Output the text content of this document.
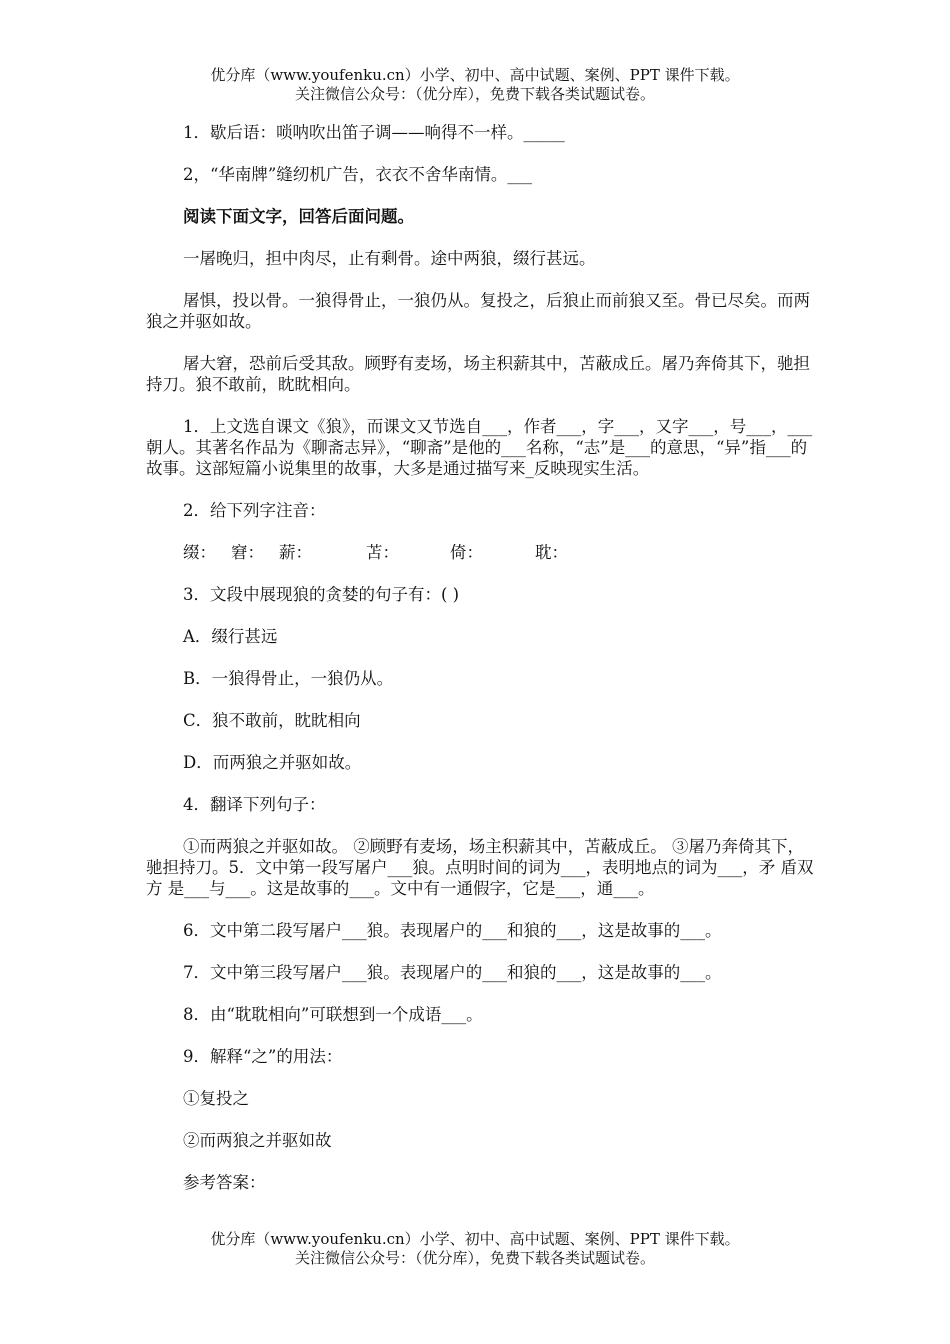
优分库（www.youfenku.cn）小学、初中、高中试题、案例、PPT 课件下载。
关注微信公众号：（优分库），免费下载各类试题试卷。

1．歇后语：唢呐吹出笛子调——响得不一样。_____

2，“华南牌”缝纫机广告，衣衣不舍华南情。___

阅读下面文字，回答后面问题。

一屠晚归，担中肉尽，止有剩骨。途中两狼，缀行甚远。

屠惧，投以骨。一狼得骨止，一狼仍从。复投之，后狼止而前狼又至。骨已尽矣。而两狼之并驱如故。

屠大窘，恐前后受其敌。顾野有麦场，场主积薪其中，苫蔽成丘。屠乃奔倚其下，驰担持刀。狼不敢前，眈眈相向。

1．上文选自课文《狼》，而课文又节选自___，作者___，字___，又字___，号___，___朝人。其著名作品为《聊斋志异》，“聊斋”是他的___名称，“志”是___的意思，“异”指___的故事。这部短篇小说集里的故事，大多是通过描写来_反映现实生活。

2．给下列字注音：

缀： 窘： 薪：	苫：	倚：	耽：

3．文段中展现狼的贪婪的句子有：( )

A．缀行甚远

B．一狼得骨止，一狼仍从。

C．狼不敢前，眈眈相向

D．而两狼之并驱如故。

4．翻译下列句子：

①而两狼之并驱如故。 ②顾野有麦场，场主积薪其中，苫蔽成丘。 ③屠乃奔倚其下，驰担持刀。5．文中第一段写屠户___狼。点明时间的词为___，表明地点的词为___，矛 盾双方 是___与___。这是故事的___。文中有一通假字，它是___，通___。

6．文中第二段写屠户___狼。表现屠户的___和狼的___，这是故事的___。

7．文中第三段写屠户___狼。表现屠户的___和狼的___，这是故事的___。

8．由“耽耽相向”可联想到一个成语___。

9．解释“之”的用法：

①复投之

②而两狼之并驱如故

参考答案：

优分库（www.youfenku.cn）小学、初中、高中试题、案例、PPT 课件下载。
关注微信公众号：（优分库），免费下载各类试题试卷。
